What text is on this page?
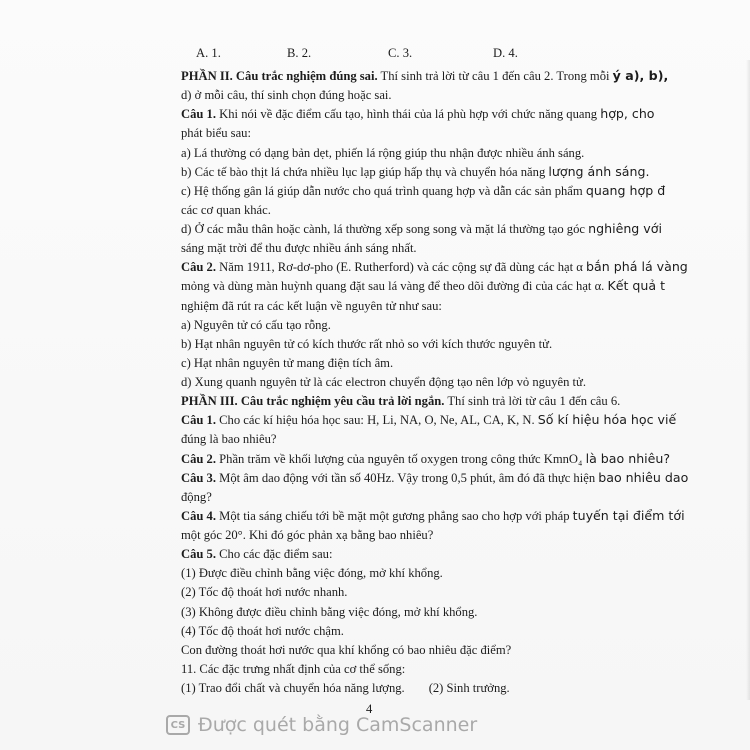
A. 1.	B. 2.	C. 3.	D. 4.
PHẦN II. Câu trắc nghiệm đúng sai. Thí sinh trả lời từ câu 1 đến câu 2. Trong mỗi ý a), b),
d) ở mỗi câu, thí sinh chọn đúng hoặc sai.
Câu 1. Khi nói về đặc điểm cấu tạo, hình thái của lá phù hợp với chức năng quang hợp, cho
phát biểu sau:
a) Lá thường có dạng bản dẹt, phiến lá rộng giúp thu nhận được nhiều ánh sáng.
b) Các tế bào thịt lá chứa nhiều lục lạp giúp hấp thụ và chuyển hóa năng lượng ánh sáng.
c) Hệ thống gân lá giúp dẫn nước cho quá trình quang hợp và dẫn các sản phẩm quang hợp đ
các cơ quan khác.
d) Ở các mẫu thân hoặc cành, lá thường xếp song song và mặt lá thường tạo góc nghiêng với
sáng mặt trời để thu được nhiều ánh sáng nhất.
Câu 2. Năm 1911, Rơ-dơ-pho (E. Rutherford) và các cộng sự đã dùng các hạt α bắn phá lá vàng
mỏng và dùng màn huỳnh quang đặt sau lá vàng để theo dõi đường đi của các hạt α. Kết quả t
nghiệm đã rút ra các kết luận về nguyên tử như sau:
a) Nguyên tử có cấu tạo rỗng.
b) Hạt nhân nguyên tử có kích thước rất nhỏ so với kích thước nguyên tử.
c) Hạt nhân nguyên tử mang điện tích âm.
d) Xung quanh nguyên tử là các electron chuyển động tạo nên lớp vỏ nguyên tử.
PHẦN III. Câu trắc nghiệm yêu cầu trả lời ngắn. Thí sinh trả lời từ câu 1 đến câu 6.
Câu 1. Cho các kí hiệu hóa học sau: H, Li, NA, O, Ne, AL, CA, K, N. Số kí hiệu hóa học viế
đúng là bao nhiêu?
Câu 2. Phần trăm về khối lượng của nguyên tố oxygen trong công thức KmnO₄ là bao nhiêu?
Câu 3. Một âm dao động với tần số 40Hz. Vậy trong 0,5 phút, âm đó đã thực hiện bao nhiêu dao
động?
Câu 4. Một tia sáng chiếu tới bề mặt một gương phẳng sao cho hợp với pháp tuyến tại điểm tới
một góc 20°. Khi đó góc phản xạ bằng bao nhiêu?
Câu 5. Cho các đặc điểm sau:
(1) Được điều chỉnh bằng việc đóng, mở khí khổng.
(2) Tốc độ thoát hơi nước nhanh.
(3) Không được điều chỉnh bằng việc đóng, mở khí khổng.
(4) Tốc độ thoát hơi nước chậm.
Con đường thoát hơi nước qua khí khổng có bao nhiêu đặc điểm?
11. Các đặc trưng nhất định của cơ thể sống:
(1) Trao đổi chất và chuyển hóa năng lượng. (2) Sinh trưởng.
4
CS Được quét bằng CamScanner
